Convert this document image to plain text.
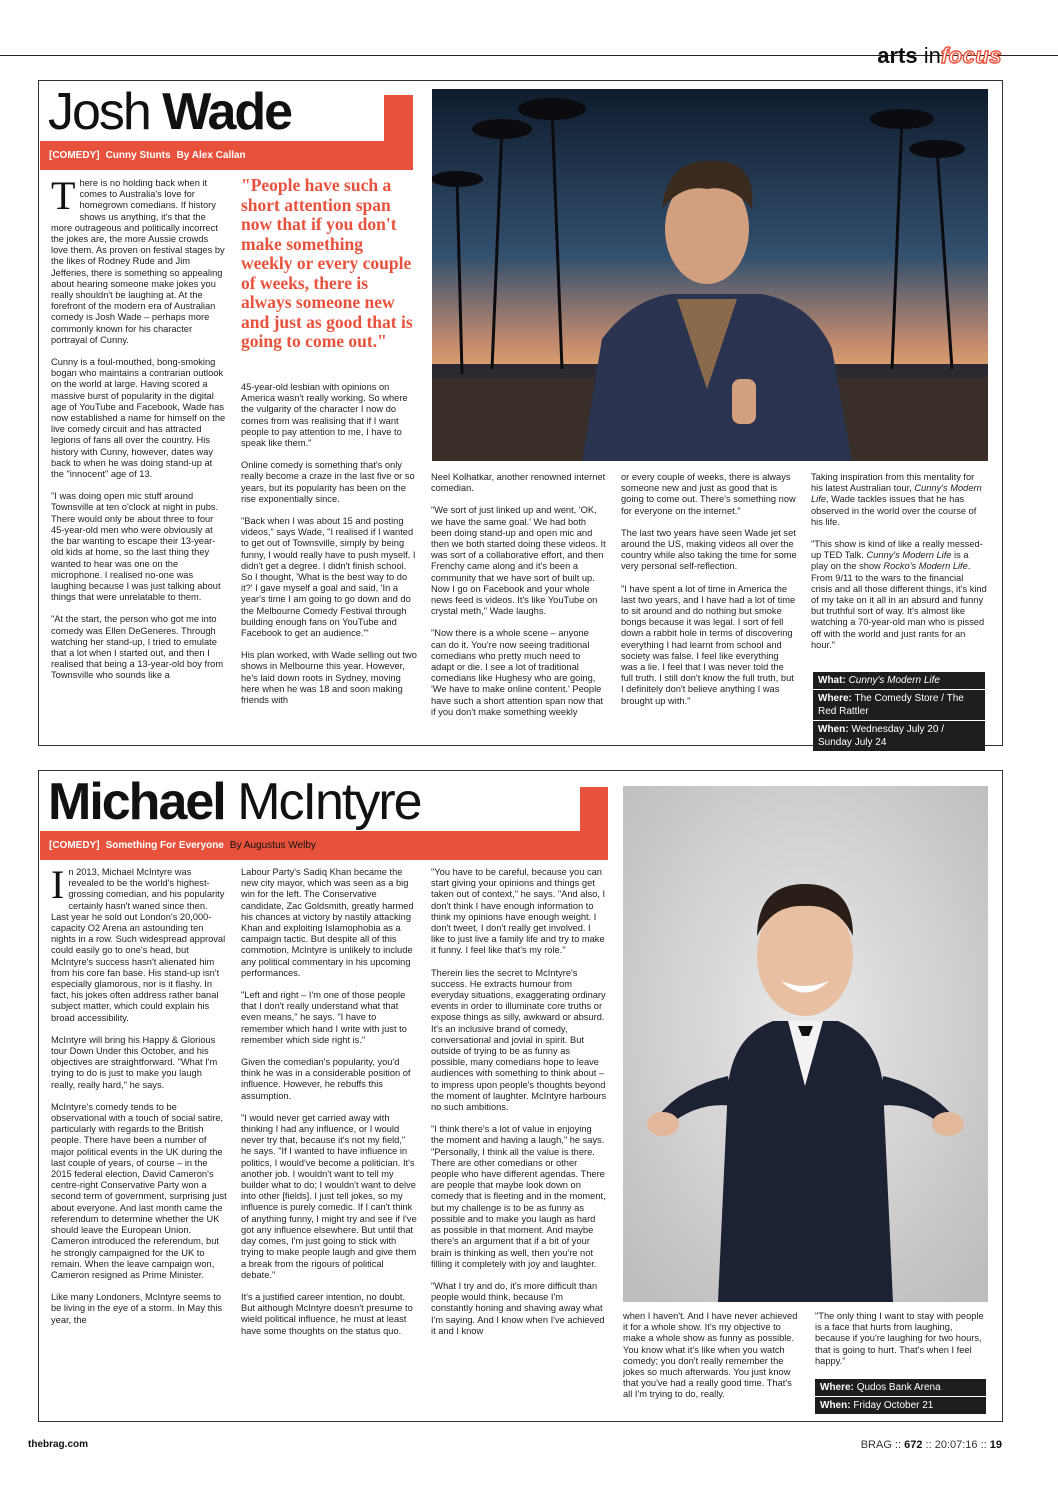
arts infocus
Josh Wade
[COMEDY] Cunny Stunts By Alex Callan

There is no holding back when it comes to Australia's love for homegrown comedians. If history shows us anything, it's that the more outrageous and politically incorrect the jokes are, the more Aussie crowds love them. As proven on festival stages by the likes of Rodney Rude and Jim Jefferies, there is something so appealing about hearing someone make jokes you really shouldn't be laughing at. At the forefront of the modern era of Australian comedy is Josh Wade – perhaps more commonly known for his character portrayal of Cunny.

Cunny is a foul-mouthed, bong-smoking bogan who maintains a contrarian outlook on the world at large. Having scored a massive burst of popularity in the digital age of YouTube and Facebook, Wade has now established a name for himself on the live comedy circuit and has attracted legions of fans all over the country. His history with Cunny, however, dates way back to when he was doing stand-up at the "innocent" age of 13.

"I was doing open mic stuff around Townsville at ten o'clock at night in pubs. There would only be about three to four 45-year-old men who were obviously at the bar wanting to escape their 13-year-old kids at home, so the last thing they wanted to hear was one on the microphone. I realised no-one was laughing because I was just talking about things that were unrelatable to them.

"At the start, the person who got me into comedy was Ellen DeGeneres. Through watching her stand-up, I tried to emulate that a lot when I started out, and then I realised that being a 13-year-old boy from Townsville who sounds like a

"People have such a short attention span now that if you don't make something weekly or every couple of weeks, there is always someone new and just as good that is going to come out."

45-year-old lesbian with opinions on America wasn't really working. So where the vulgarity of the character I now do comes from was realising that if I want people to pay attention to me, I have to speak like them."

Online comedy is something that's only really become a craze in the last five or so years, but its popularity has been on the rise exponentially since.

"Back when I was about 15 and posting videos," says Wade, "I realised if I wanted to get out of Townsville, simply by being funny, I would really have to push myself. I didn't get a degree. I didn't finish school. So I thought, 'What is the best way to do it?' I gave myself a goal and said, 'In a year's time I am going to go down and do the Melbourne Comedy Festival through building enough fans on YouTube and Facebook to get an audience.'"

His plan worked, with Wade selling out two shows in Melbourne this year. However, he's laid down roots in Sydney, moving here when he was 18 and soon making friends with

Neel Kolhatkar, another renowned internet comedian.

"We sort of just linked up and went, 'OK, we have the same goal.' We had both been doing stand-up and open mic and then we both started doing these videos. It was sort of a collaborative effort, and then Frenchy came along and it's been a community that we have sort of built up. Now I go on Facebook and your whole news feed is videos. It's like YouTube on crystal meth," Wade laughs.

"Now there is a whole scene – anyone can do it. You're now seeing traditional comedians who pretty much need to adapt or die. I see a lot of traditional comedians like Hughesy who are going, 'We have to make online content.' People have such a short attention span now that if you don't make something weekly

or every couple of weeks, there is always someone new and just as good that is going to come out. There's something now for everyone on the internet."

The last two years have seen Wade jet set around the US, making videos all over the country while also taking the time for some very personal self-reflection.

"I have spent a lot of time in America the last two years, and I have had a lot of time to sit around and do nothing but smoke bongs because it was legal. I sort of fell down a rabbit hole in terms of discovering everything I had learnt from school and society was false. I feel like everything was a lie. I feel that I was never told the full truth. I still don't know the full truth, but I definitely don't believe anything I was brought up with."

Taking inspiration from this mentality for his latest Australian tour, Cunny's Modern Life, Wade tackles issues that he has observed in the world over the course of his life.

"This show is kind of like a really messed-up TED Talk. Cunny's Modern Life is a play on the show Rocko's Modern Life. From 9/11 to the wars to the financial crisis and all those different things, it's kind of my take on it all in an absurd and funny but truthful sort of way. It's almost like watching a 70-year-old man who is pissed off with the world and just rants for an hour."

What: Cunny's Modern Life
Where: The Comedy Store / The Red Rattler
When: Wednesday July 20 / Sunday July 24
Michael McIntyre
[COMEDY] Something For Everyone By Augustus Welby

In 2013, Michael McIntyre was revealed to be the world's highest-grossing comedian, and his popularity certainly hasn't waned since then. Last year he sold out London's 20,000-capacity O2 Arena an astounding ten nights in a row. Such widespread approval could easily go to one's head, but McIntyre's success hasn't alienated him from his core fan base. His stand-up isn't especially glamorous, nor is it flashy. In fact, his jokes often address rather banal subject matter, which could explain his broad accessibility.

McIntyre will bring his Happy & Glorious tour Down Under this October, and his objectives are straightforward. "What I'm trying to do is just to make you laugh really, really hard," he says.

McIntyre's comedy tends to be observational with a touch of social satire, particularly with regards to the British people. There have been a number of major political events in the UK during the last couple of years, of course – in the 2015 federal election, David Cameron's centre-right Conservative Party won a second term of government, surprising just about everyone. And last month came the referendum to determine whether the UK should leave the European Union. Cameron introduced the referendum, but he strongly campaigned for the UK to remain. When the leave campaign won, Cameron resigned as Prime Minister.

Like many Londoners, McIntyre seems to be living in the eye of a storm. In May this year, the

Labour Party's Sadiq Khan became the new city mayor, which was seen as a big win for the left. The Conservative candidate, Zac Goldsmith, greatly harmed his chances at victory by nastily attacking Khan and exploiting Islamophobia as a campaign tactic. But despite all of this commotion, McIntyre is unlikely to include any political commentary in his upcoming performances.

"Left and right – I'm one of those people that I don't really understand what that even means," he says. "I have to remember which hand I write with just to remember which side right is."

Given the comedian's popularity, you'd think he was in a considerable position of influence. However, he rebuffs this assumption.

"I would never get carried away with thinking I had any influence, or I would never try that, because it's not my field," he says. "If I wanted to have influence in politics, I would've become a politician. It's another job. I wouldn't want to tell my builder what to do; I wouldn't want to delve into other [fields]. I just tell jokes, so my influence is purely comedic. If I can't think of anything funny, I might try and see if I've got any influence elsewhere. But until that day comes, I'm just going to stick with trying to make people laugh and give them a break from the rigours of political debate."

It's a justified career intention, no doubt. But although McIntyre doesn't presume to wield political influence, he must at least have some thoughts on the status quo.

"You have to be careful, because you can start giving your opinions and things get taken out of context," he says. "And also, I don't think I have enough information to think my opinions have enough weight. I don't tweet, I don't really get involved. I like to just live a family life and try to make it funny. I feel like that's my role."

Therein lies the secret to McIntyre's success. He extracts humour from everyday situations, exaggerating ordinary events in order to illuminate core truths or expose things as silly, awkward or absurd. It's an inclusive brand of comedy, conversational and jovial in spirit. But outside of trying to be as funny as possible, many comedians hope to leave audiences with something to think about – to impress upon people's thoughts beyond the moment of laughter. McIntyre harbours no such ambitions.

"I think there's a lot of value in enjoying the moment and having a laugh," he says. "Personally, I think all the value is there. There are other comedians or other people who have different agendas. There are people that maybe look down on comedy that is fleeting and in the moment, but my challenge is to be as funny as possible and to make you laugh as hard as possible in that moment. And maybe there's an argument that if a bit of your brain is thinking as well, then you're not filling it completely with joy and laughter.

"What I try and do, it's more difficult than people would think, because I'm constantly honing and shaving away what I'm saying. And I know when I've achieved it and I know

when I haven't. And I have never achieved it for a whole show. It's my objective to make a whole show as funny as possible. You know what it's like when you watch comedy; you don't really remember the jokes so much afterwards. You just know that you've had a really good time. That's all I'm trying to do, really.

"The only thing I want to stay with people is a face that hurts from laughing, because if you're laughing for two hours, that is going to hurt. That's when I feel happy."

Where: Qudos Bank Arena
When: Friday October 21
thebrag.com	BRAG :: 672 :: 20:07:16 :: 19
